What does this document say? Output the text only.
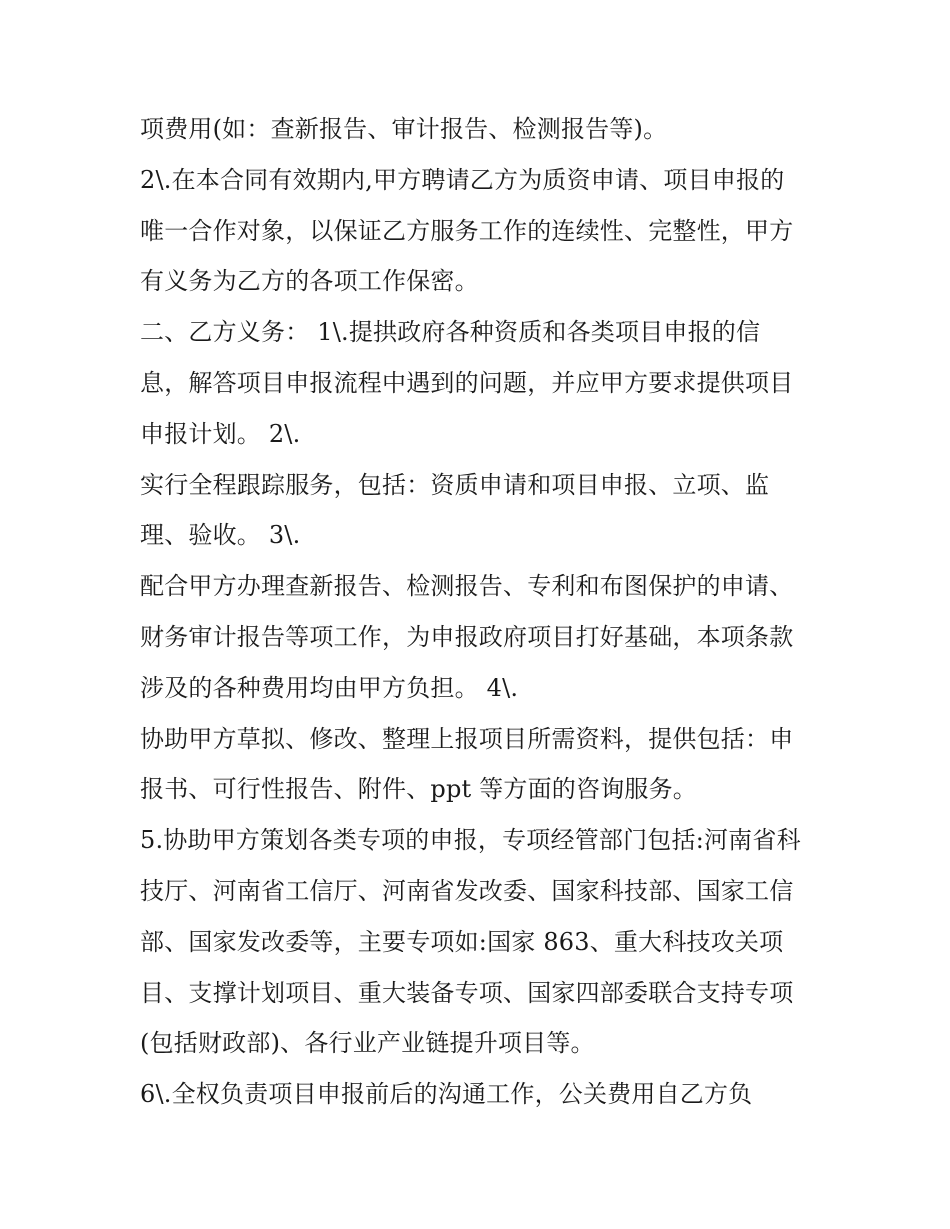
项费用(如：查新报告、审计报告、检测报告等)。
2\.在本合同有效期内,甲方聘请乙方为质资申请、项目申报的
唯一合作对象，以保证乙方服务工作的连续性、完整性，甲方
有义务为乙方的各项工作保密。
二、乙方义务： 1\.提拱政府各种资质和各类项目申报的信
息，解答项目申报流程中遇到的问题，并应甲方要求提供项目
申报计划。 2\.
实行全程跟踪服务，包括：资质申请和项目申报、立项、监
理、验收。 3\.
配合甲方办理查新报告、检测报告、专利和布图保护的申请、
财务审计报告等项工作，为申报政府项目打好基础，本项条款
涉及的各种费用均由甲方负担。 4\.
协助甲方草拟、修改、整理上报项目所需资料，提供包括：申
报书、可行性报告、附件、ppt 等方面的咨询服务。
5.协助甲方策划各类专项的申报，专项经管部门包括:河南省科
技厅、河南省工信厅、河南省发改委、国家科技部、国家工信
部、国家发改委等，主要专项如:国家 863、重大科技攻关项
目、支撑计划项目、重大装备专项、国家四部委联合支持专项
(包括财政部)、各行业产业链提升项目等。
6\.全权负责项目申报前后的沟通工作，公关费用自乙方负
